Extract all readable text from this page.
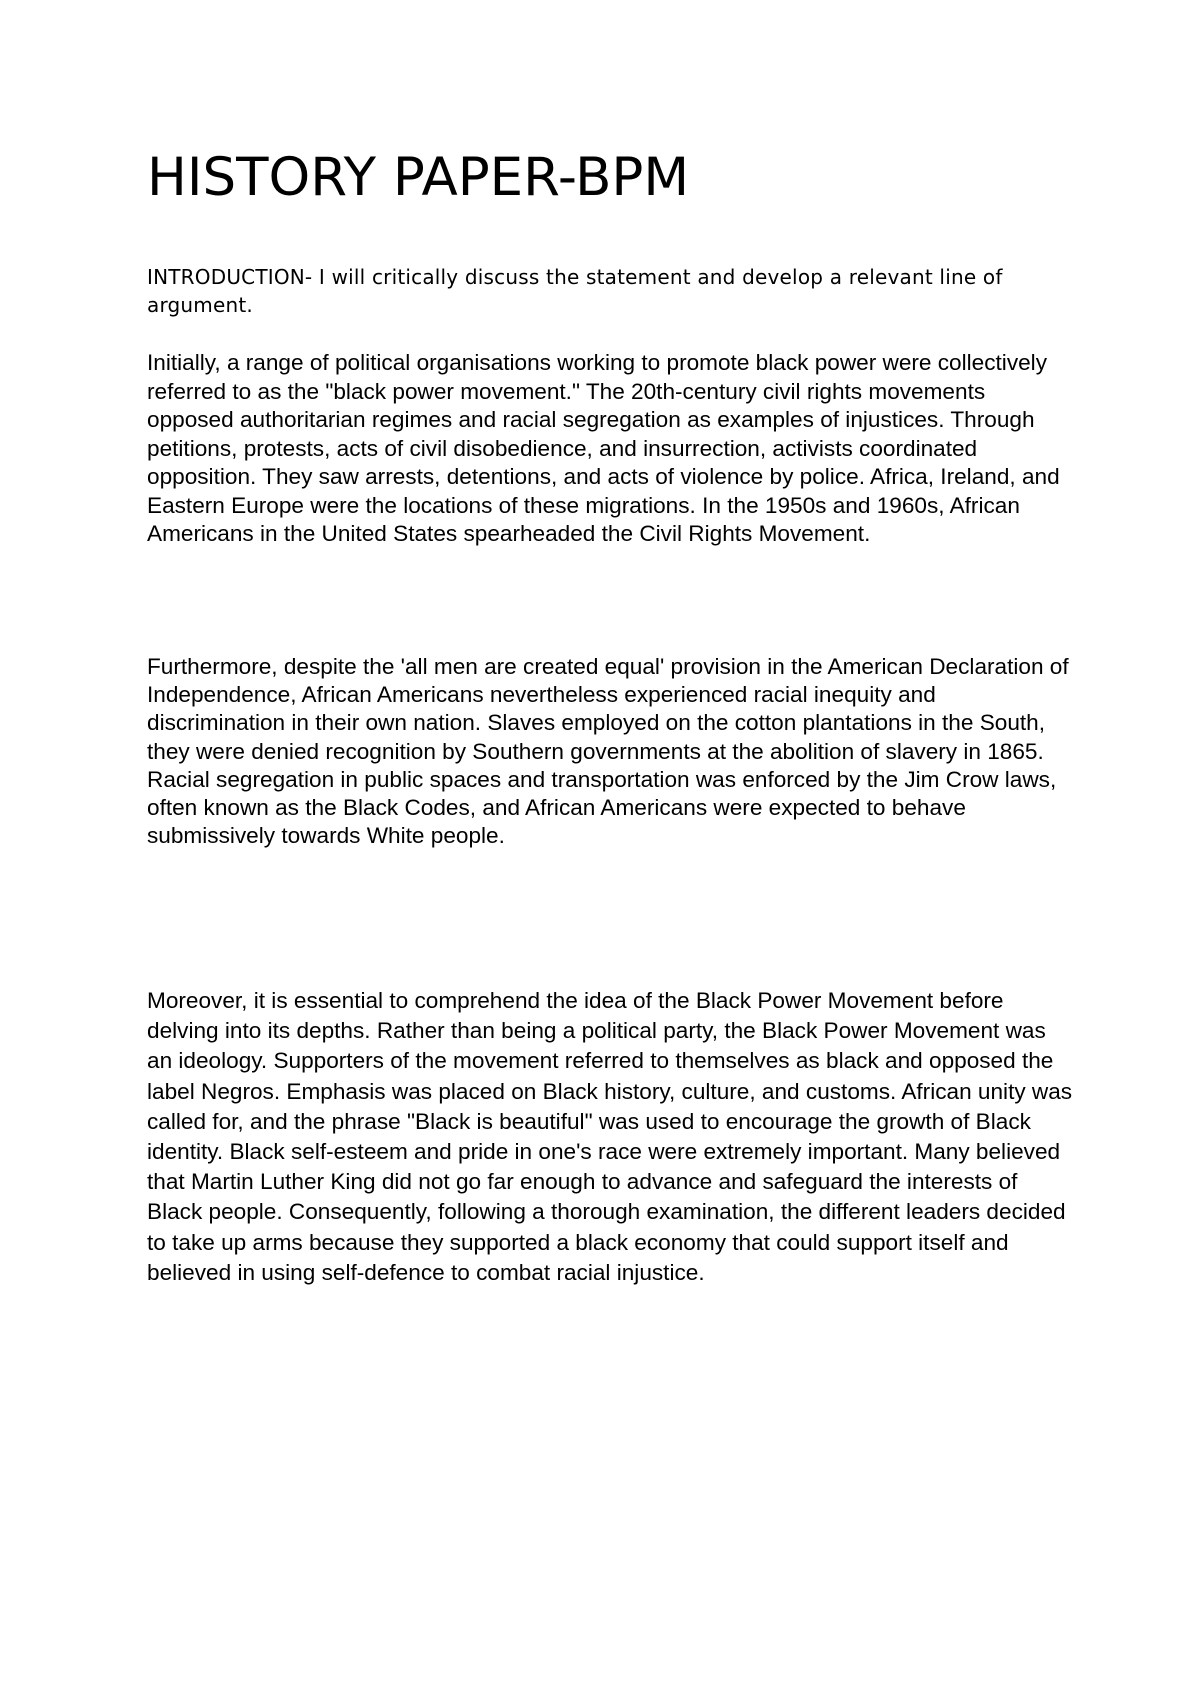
HISTORY PAPER-BPM

INTRODUCTION- I will critically discuss the statement and develop a relevant line of argument.

Initially, a range of political organisations working to promote black power were collectively referred to as the "black power movement." The 20th-century civil rights movements opposed authoritarian regimes and racial segregation as examples of injustices. Through petitions, protests, acts of civil disobedience, and insurrection, activists coordinated opposition. They saw arrests, detentions, and acts of violence by police. Africa, Ireland, and Eastern Europe were the locations of these migrations. In the 1950s and 1960s, African Americans in the United States spearheaded the Civil Rights Movement.

Furthermore, despite the 'all men are created equal' provision in the American Declaration of Independence, African Americans nevertheless experienced racial inequity and discrimination in their own nation. Slaves employed on the cotton plantations in the South, they were denied recognition by Southern governments at the abolition of slavery in 1865. Racial segregation in public spaces and transportation was enforced by the Jim Crow laws, often known as the Black Codes, and African Americans were expected to behave submissively towards White people.

Moreover, it is essential to comprehend the idea of the Black Power Movement before delving into its depths. Rather than being a political party, the Black Power Movement was an ideology. Supporters of the movement referred to themselves as black and opposed the label Negros. Emphasis was placed on Black history, culture, and customs. African unity was called for, and the phrase "Black is beautiful" was used to encourage the growth of Black identity. Black self-esteem and pride in one's race were extremely important. Many believed that Martin Luther King did not go far enough to advance and safeguard the interests of Black people. Consequently, following a thorough examination, the different leaders decided to take up arms because they supported a black economy that could support itself and believed in using self-defence to combat racial injustice.
